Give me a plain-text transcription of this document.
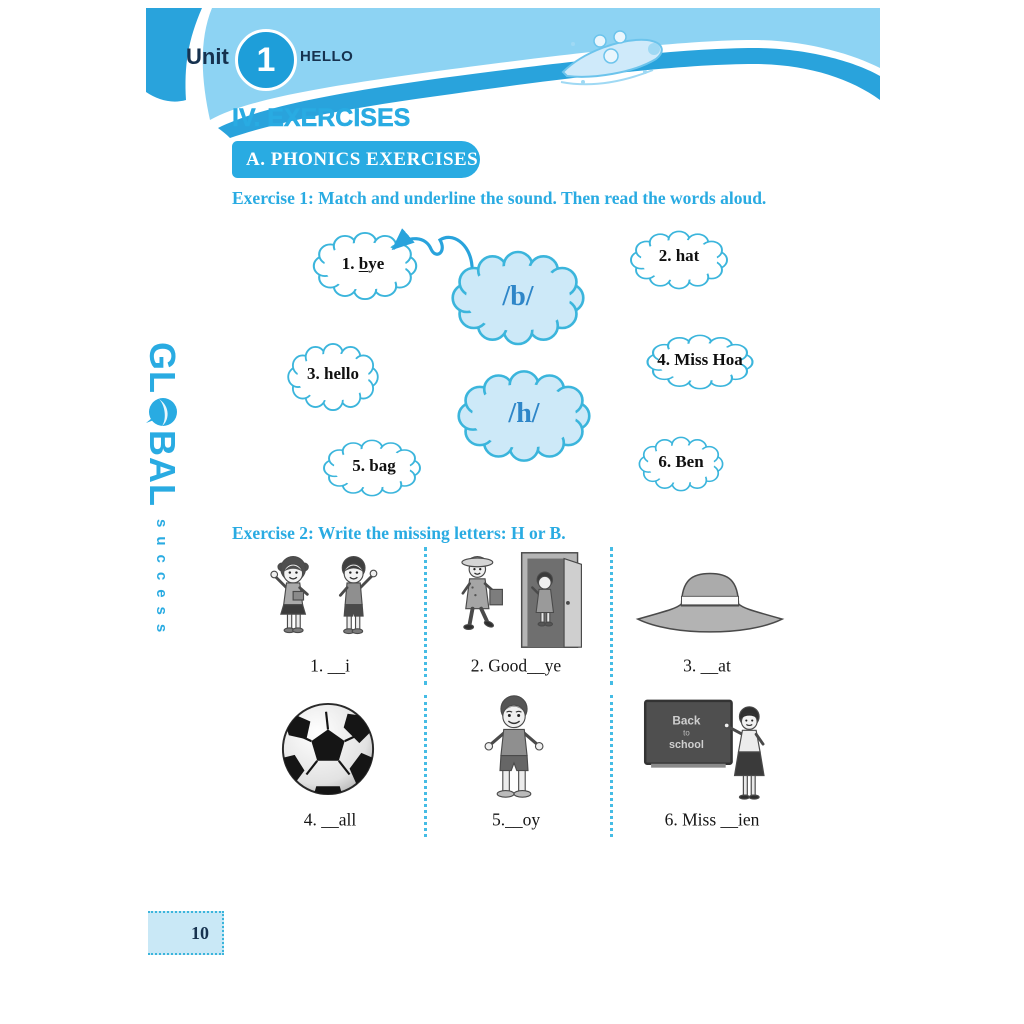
Unit 1 HELLO
IV. EXERCISES
A. PHONICS EXERCISES
Exercise 1: Match and underline the sound. Then read the words aloud.
1. bye	2. hat
3. hello
4. Miss Hoa
5. bag	6. Ben
/b/
/h/
Exercise 2: Write the missing letters: H or B.
Back
to
school
1. __i	2. Good__ye	3. __at
4. __all	5.__oy	6. Miss __ien
GL
BAL
success
10
